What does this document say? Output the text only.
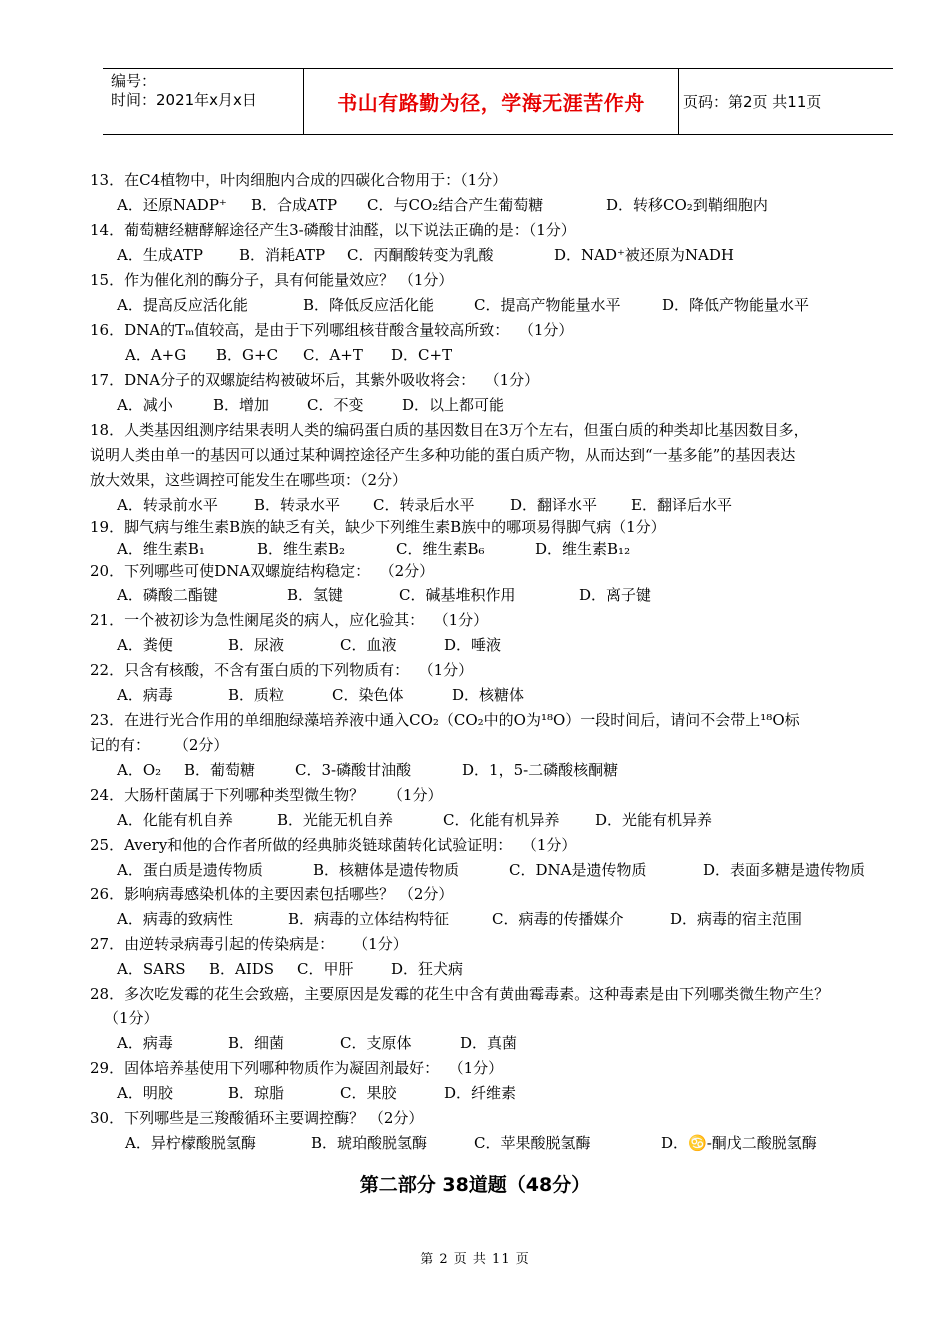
编号：
时间：2021年x月x日	书山有路勤为径，学海无涯苦作舟	页码：第2页 共11页
13．在C4植物中，叶肉细胞内合成的四碳化合物用于：（1分）

A．还原NADP⁺

B．合成ATP

C．与CO₂结合产生葡萄糖

	D．转移CO₂到鞘细胞内

14．葡萄糖经糖酵解途径产生3-磷酸甘油醛，以下说法正确的是：（1分）

A．生成ATP

B．消耗ATP

C．丙酮酸转变为乳酸

	D．NAD⁺被还原为NADH

15．作为催化剂的酶分子，具有何能量效应？ （1分）

A．提高反应活化能

	B．降低反应活化能

	C．提高产物能量水平

	D．降低产物能量水平

16．DNA的Tₘ值较高，是由于下列哪组核苷酸含量较高所致：  （1分）

A．A+G

B．G+C

C．A+T

D．C+T

17．DNA分子的双螺旋结构被破坏后，其紫外吸收将会：  （1分）

A．减小

	B．增加

	C．不变

	D．以上都可能

18．人类基因组测序结果表明人类的编码蛋白质的基因数目在3万个左右，但蛋白质的种类却比基因数目多，
说明人类由单一的基因可以通过某种调控途径产生多种功能的蛋白质产物，从而达到“一基多能”的基因表达
放大效果，这些调控可能发生在哪些项：（2分）

A．转录前水平

B．转录水平

C．转录后水平

D．翻译水平

E．翻译后水平

19．脚气病与维生素B族的缺乏有关，缺少下列维生素B族中的哪项易得脚气病（1分）

A．维生素B₁

	B．维生素B₂

	C．维生素B₆

	D．维生素B₁₂

20．下列哪些可使DNA双螺旋结构稳定：  （2分）

A．磷酸二酯键

	B．氢键

	C．碱基堆积作用

	D．离子键

21．一个被初诊为急性阑尾炎的病人，应化验其：  （1分）

A．粪便

	B．尿液

	C．血液

	D．唾液

22．只含有核酸，不含有蛋白质的下列物质有：  （1分）

A．病毒

	B．质粒

	C．染色体

	D．核糖体

23．在进行光合作用的单细胞绿藻培养液中通入CO₂（CO₂中的O为¹⁸O）一段时间后，请问不会带上¹⁸O标
记的有：     （2分）

A．O₂

B．葡萄糖

	C．3-磷酸甘油酸

	D．1，5-二磷酸核酮糖

24．大肠杆菌属于下列哪种类型微生物？     （1分）

A．化能有机自养

	B．光能无机自养

	C．化能有机异养

D．光能有机异养

25．Avery和他的合作者所做的经典肺炎链球菌转化试验证明：  （1分）

A．蛋白质是遗传物质

	B．核糖体是遗传物质

	C．DNA是遗传物质

	D．表面多糖是遗传物质

26．影响病毒感染机体的主要因素包括哪些？ （2分）

A．病毒的致病性

	B．病毒的立体结构特征

	C．病毒的传播媒介

	D．病毒的宿主范围

27．由逆转录病毒引起的传染病是：    （1分）

A．SARS

B．AIDS

C．甲肝

	D．狂犬病

28．多次吃发霉的花生会致癌，主要原因是发霉的花生中含有黄曲霉毒素。这种毒素是由下列哪类微生物产生？
（1分）

A．病毒

	B．细菌

	C．支原体

	D．真菌

29．固体培养基使用下列哪种物质作为凝固剂最好：  （1分）

A．明胶

	B．琼脂

	C．果胶

	D．纤维素

30．下列哪些是三羧酸循环主要调控酶？ （2分）

A．异柠檬酸脱氢酶

	B．琥珀酸脱氢酶

	C．苹果酸脱氢酶

	D．♋-酮戊二酸脱氢酶

第二部分 38道题（48分）
第 2 页 共 11 页
